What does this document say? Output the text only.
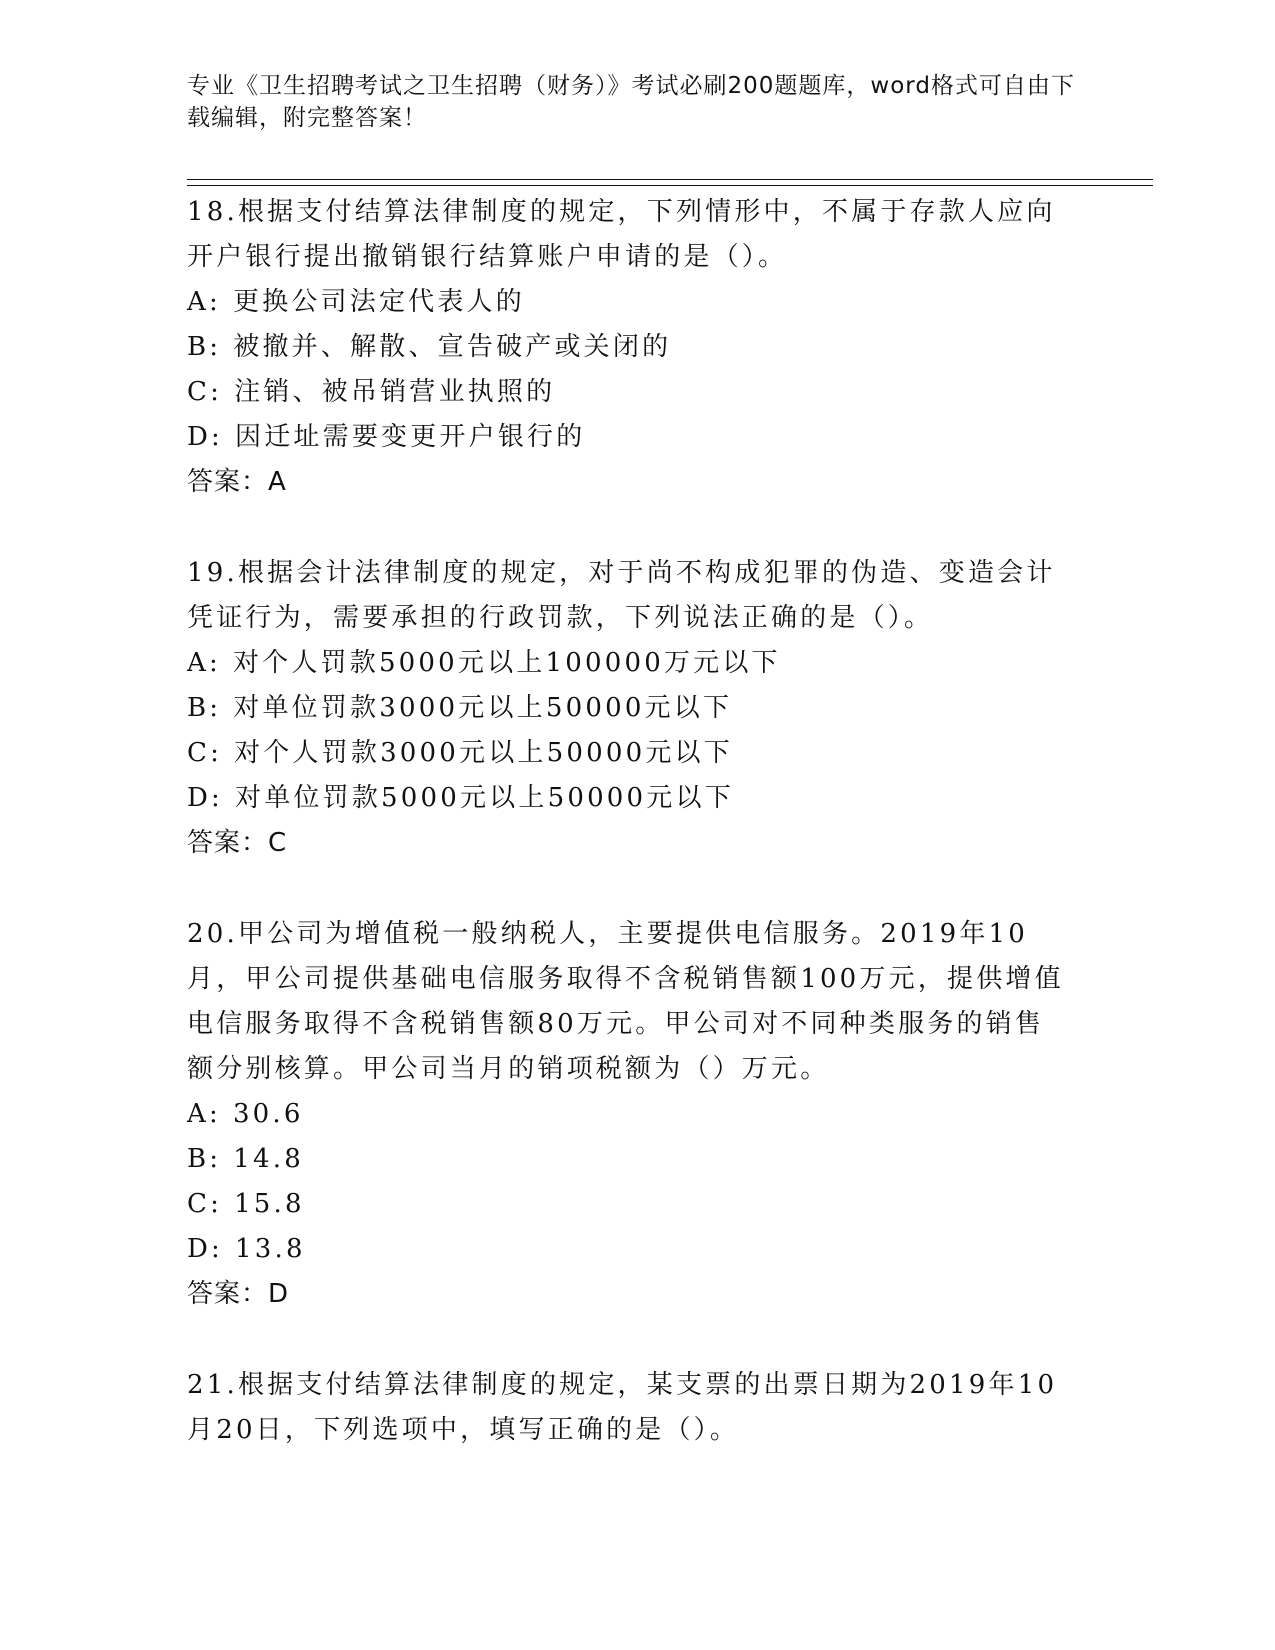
专业《卫生招聘考试之卫生招聘（财务）》考试必刷200题题库，word格式可自由下载编辑，附完整答案！

18.根据支付结算法律制度的规定，下列情形中，不属于存款人应向开户银行提出撤销银行结算账户申请的是（）。

A: 更换公司法定代表人的

B: 被撤并、解散、宣告破产或关闭的

C: 注销、被吊销营业执照的

D: 因迁址需要变更开户银行的

答案：A

19.根据会计法律制度的规定，对于尚不构成犯罪的伪造、变造会计凭证行为，需要承担的行政罚款，下列说法正确的是（）。

A: 对个人罚款5000元以上100000万元以下

B: 对单位罚款3000元以上50000元以下

C: 对个人罚款3000元以上50000元以下

D: 对单位罚款5000元以上50000元以下

答案：C

20.甲公司为增值税一般纳税人，主要提供电信服务。2019年10月，甲公司提供基础电信服务取得不含税销售额100万元，提供增值电信服务取得不含税销售额80万元。甲公司对不同种类服务的销售额分别核算。甲公司当月的销项税额为（）万元。

A: 30.6

B: 14.8

C: 15.8

D: 13.8

答案：D

21.根据支付结算法律制度的规定，某支票的出票日期为2019年10月20日，下列选项中，填写正确的是（）。
